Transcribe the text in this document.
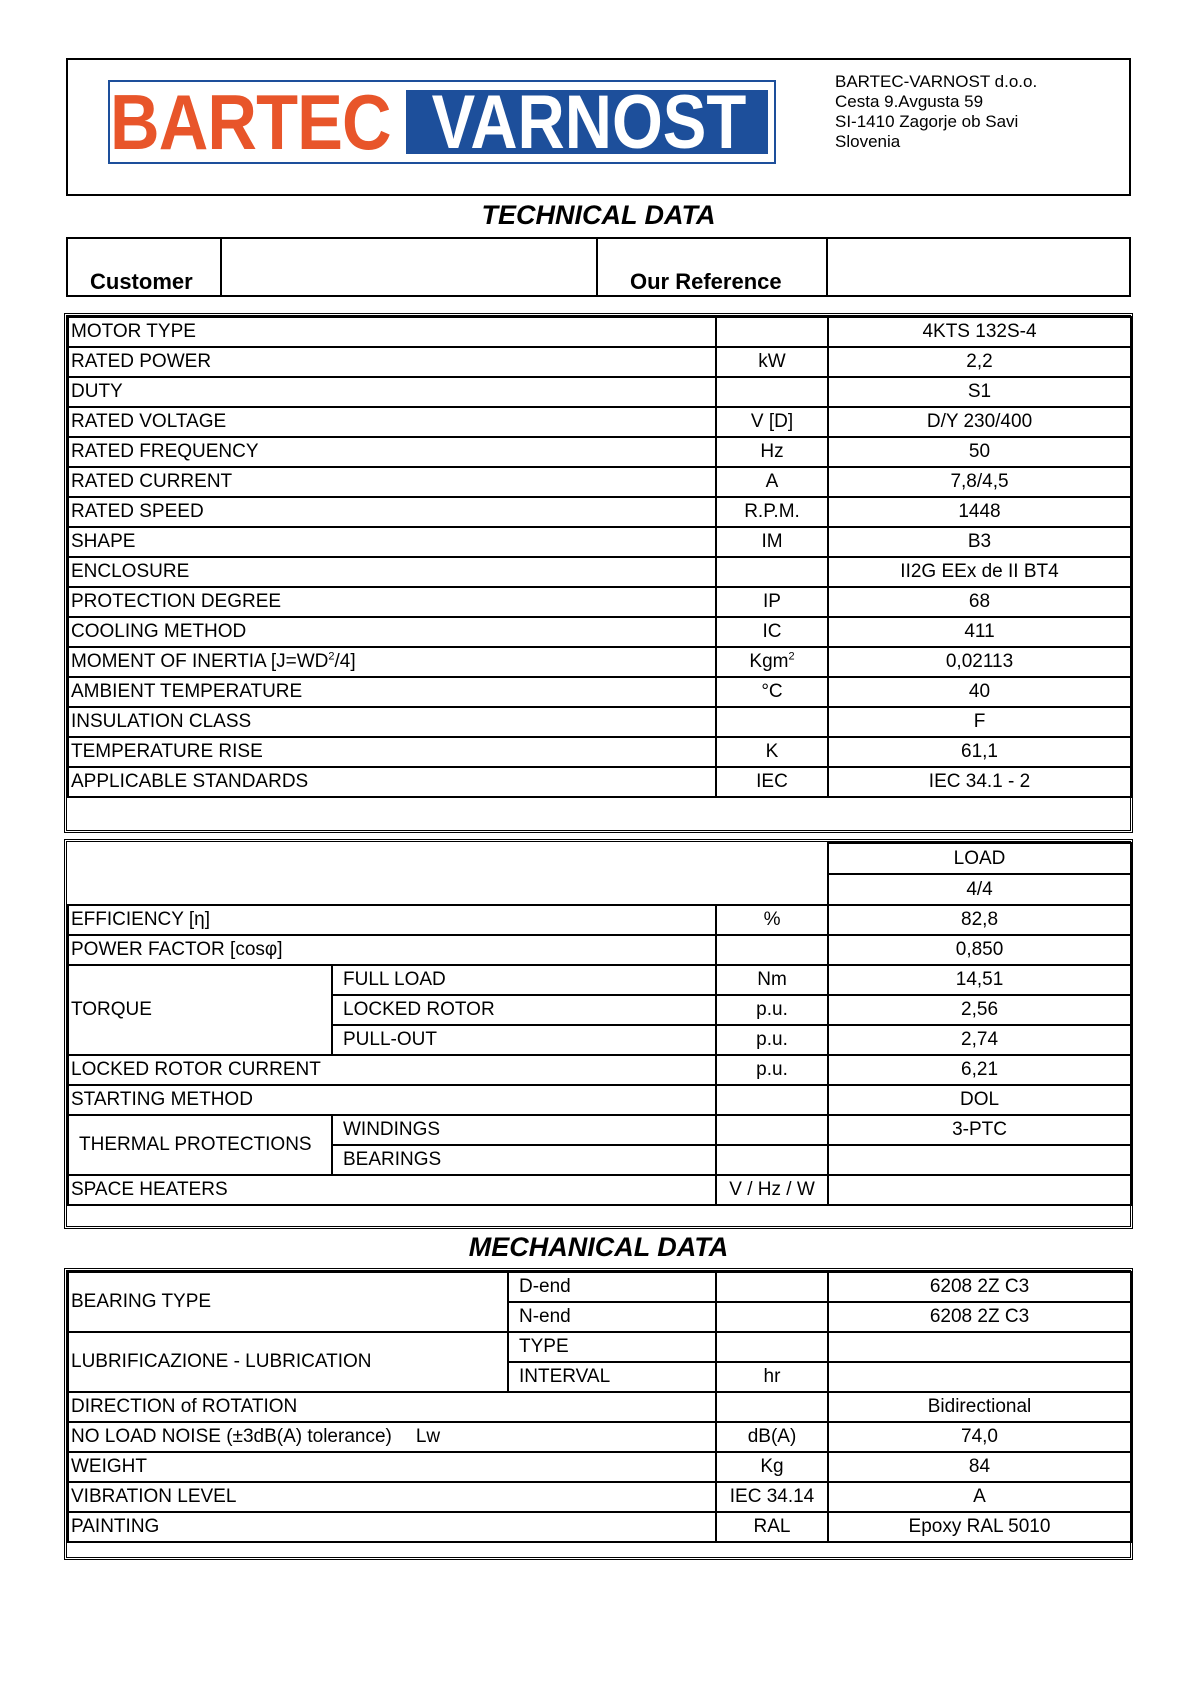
BARTEC VARNOST	BARTEC-VARNOST d.o.o.
Cesta 9.Avgusta 59
SI-1410 Zagorje ob Savi
Slovenia
TECHNICAL DATA
Customer	Our Reference
MOTOR TYPE		4KTS 132S-4
RATED POWER	kW	2,2
DUTY		S1
RATED VOLTAGE	V [D]	D/Y 230/400
RATED FREQUENCY	Hz	50
RATED CURRENT	A	7,8/4,5
RATED SPEED	R.P.M.	1448
SHAPE	IM	B3
ENCLOSURE		II2G EEx de II BT4
PROTECTION DEGREE	IP	68
COOLING METHOD	IC	411
MOMENT OF INERTIA $[J=WD^2/4]$	Kgm$^2$	0,02113
AMBIENT TEMPERATURE	°C	40
INSULATION CLASS		F
TEMPERATURE RISE	K	61,1
APPLICABLE STANDARDS	IEC	IEC 34.1 - 2
			LOAD
			4/4
EFFICIENCY [η]		%	82,8
POWER FACTOR [cosφ]			0,850
TORQUE	FULL LOAD	Nm	14,51
	LOCKED ROTOR	p.u.	2,56
	PULL-OUT	p.u.	2,74
LOCKED ROTOR CURRENT		p.u.	6,21
STARTING METHOD			DOL
THERMAL PROTECTIONS	WINDINGS		3-PTC
	BEARINGS		
SPACE HEATERS		V / Hz / W	
MECHANICAL DATA
BEARING TYPE	D-end		6208 2Z C3
	N-end		6208 2Z C3
LUBRIFICAZIONE - LUBRICATION	TYPE		
	INTERVAL	hr	
DIRECTION of ROTATION			Bidirectional
NO LOAD NOISE (±3dB(A) tolerance) Lw		dB(A)	74,0
WEIGHT		Kg	84
VIBRATION LEVEL		IEC 34.14	A
PAINTING		RAL	Epoxy RAL 5010
